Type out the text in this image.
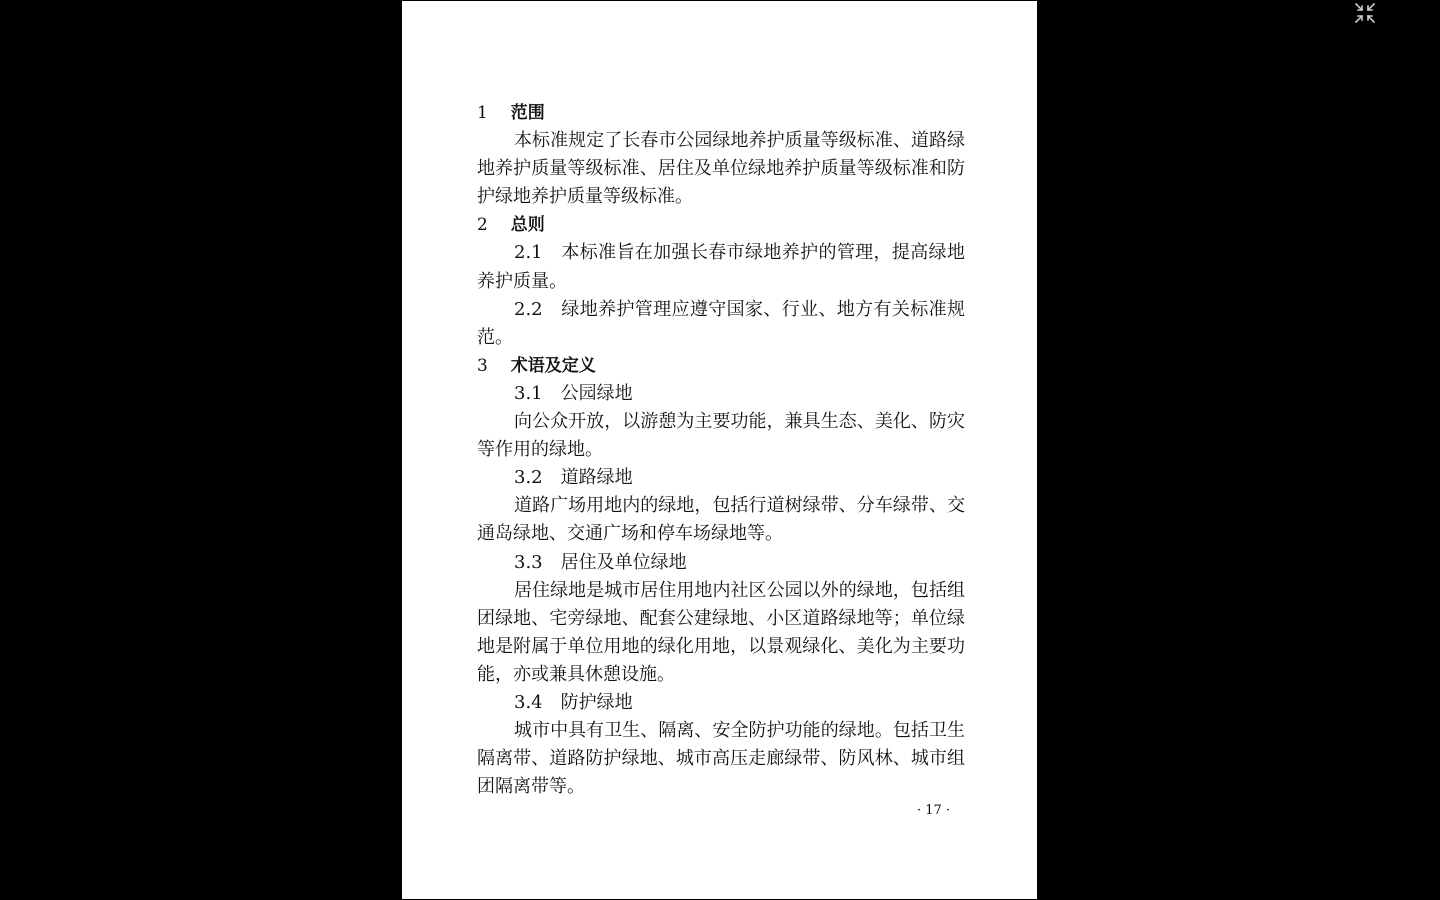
1　 范围

本标准规定了长春市公园绿地养护质量等级标准、道路绿地养护质量等级标准、居住及单位绿地养护质量等级标准和防护绿地养护质量等级标准。

2　 总则

2.1　本标准旨在加强长春市绿地养护的管理，提高绿地养护质量。

2.2　绿地养护管理应遵守国家、行业、地方有关标准规范。

3　 术语及定义

3.1　公园绿地

向公众开放，以游憩为主要功能，兼具生态、美化、防灾等作用的绿地。

3.2　道路绿地

道路广场用地内的绿地，包括行道树绿带、分车绿带、交通岛绿地、交通广场和停车场绿地等。

3.3　居住及单位绿地

居住绿地是城市居住用地内社区公园以外的绿地，包括组团绿地、宅旁绿地、配套公建绿地、小区道路绿地等；单位绿地是附属于单位用地的绿化用地，以景观绿化、美化为主要功能，亦或兼具休憩设施。

3.4　防护绿地

城市中具有卫生、隔离、安全防护功能的绿地。包括卫生隔离带、道路防护绿地、城市高压走廊绿带、防风林、城市组团隔离带等。

· 17 ·
